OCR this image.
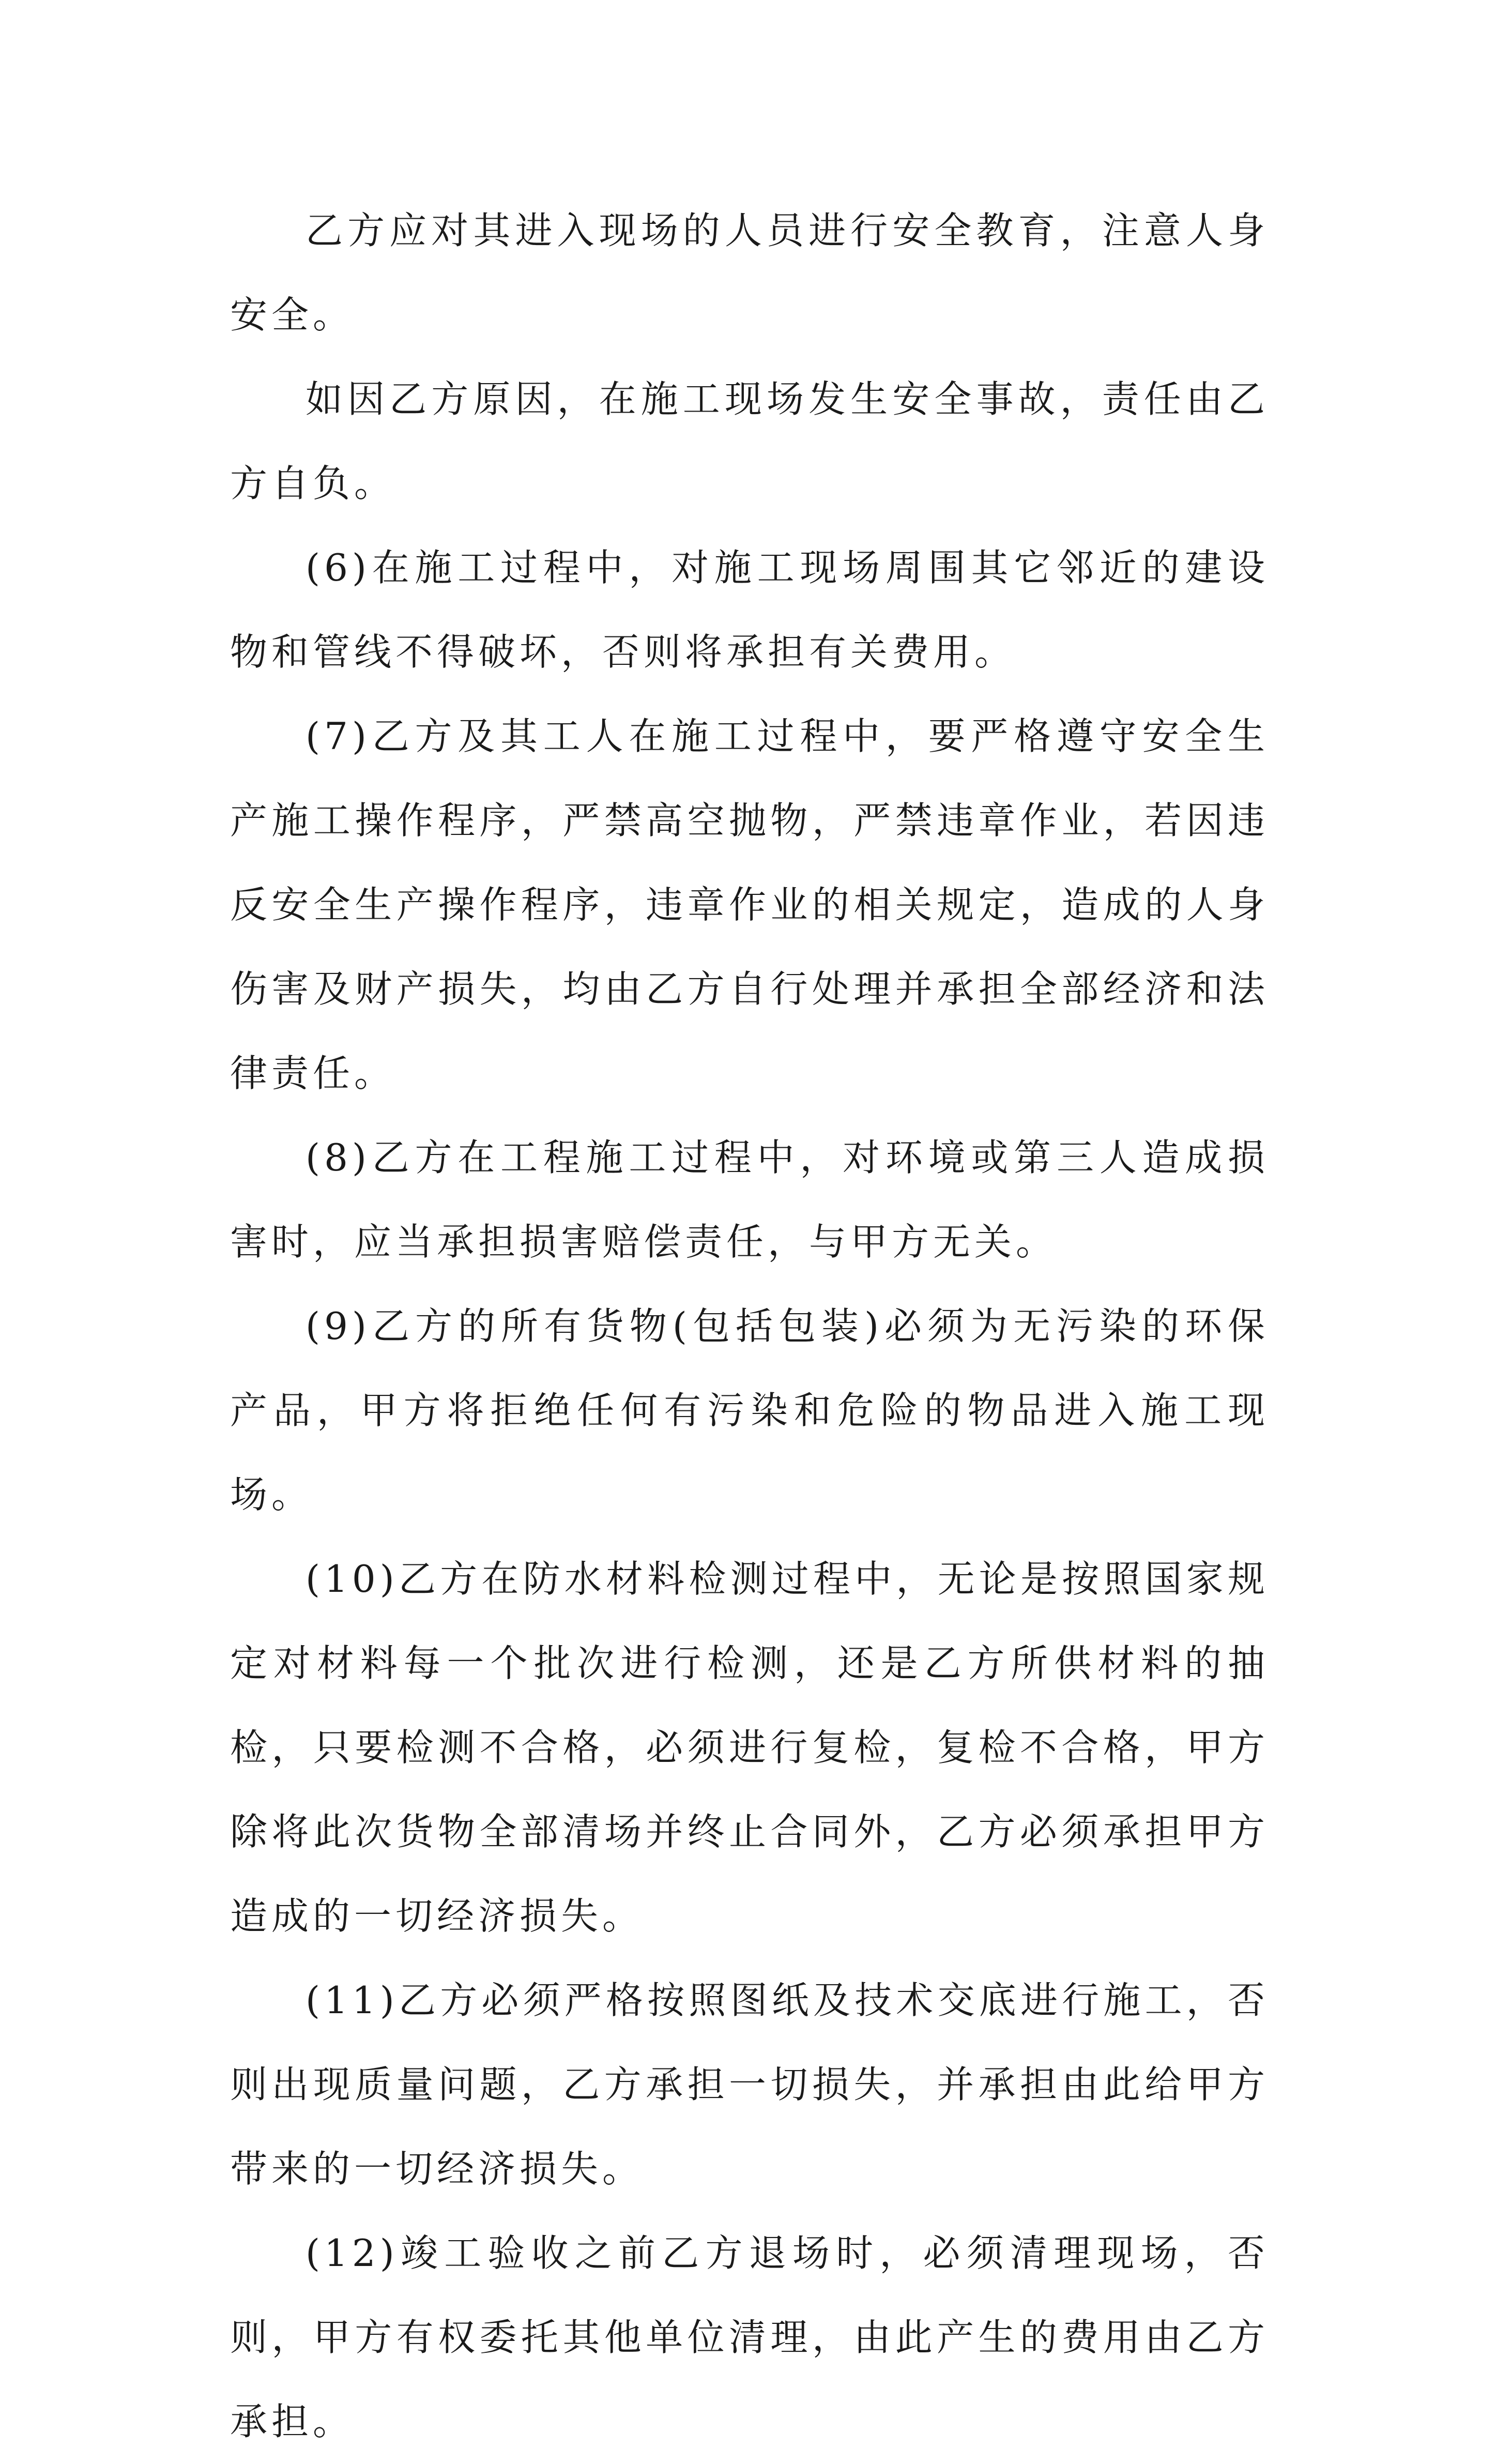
乙方应对其进入现场的人员进行安全教育，注意人身安全。

如因乙方原因，在施工现场发生安全事故，责任由乙方自负。

(6)在施工过程中，对施工现场周围其它邻近的建设物和管线不得破坏，否则将承担有关费用。

(7)乙方及其工人在施工过程中，要严格遵守安全生产施工操作程序，严禁高空抛物，严禁违章作业，若因违反安全生产操作程序，违章作业的相关规定，造成的人身伤害及财产损失，均由乙方自行处理并承担全部经济和法律责任。

(8)乙方在工程施工过程中，对环境或第三人造成损害时，应当承担损害赔偿责任，与甲方无关。

(9)乙方的所有货物(包括包装)必须为无污染的环保产品，甲方将拒绝任何有污染和危险的物品进入施工现场。

(10)乙方在防水材料检测过程中，无论是按照国家规定对材料每一个批次进行检测，还是乙方所供材料的抽检，只要检测不合格，必须进行复检，复检不合格，甲方除将此次货物全部清场并终止合同外，乙方必须承担甲方造成的一切经济损失。

(11)乙方必须严格按照图纸及技术交底进行施工，否则出现质量问题，乙方承担一切损失，并承担由此给甲方带来的一切经济损失。

(12)竣工验收之前乙方退场时，必须清理现场，否则，甲方有权委托其他单位清理，由此产生的费用由乙方承担。
